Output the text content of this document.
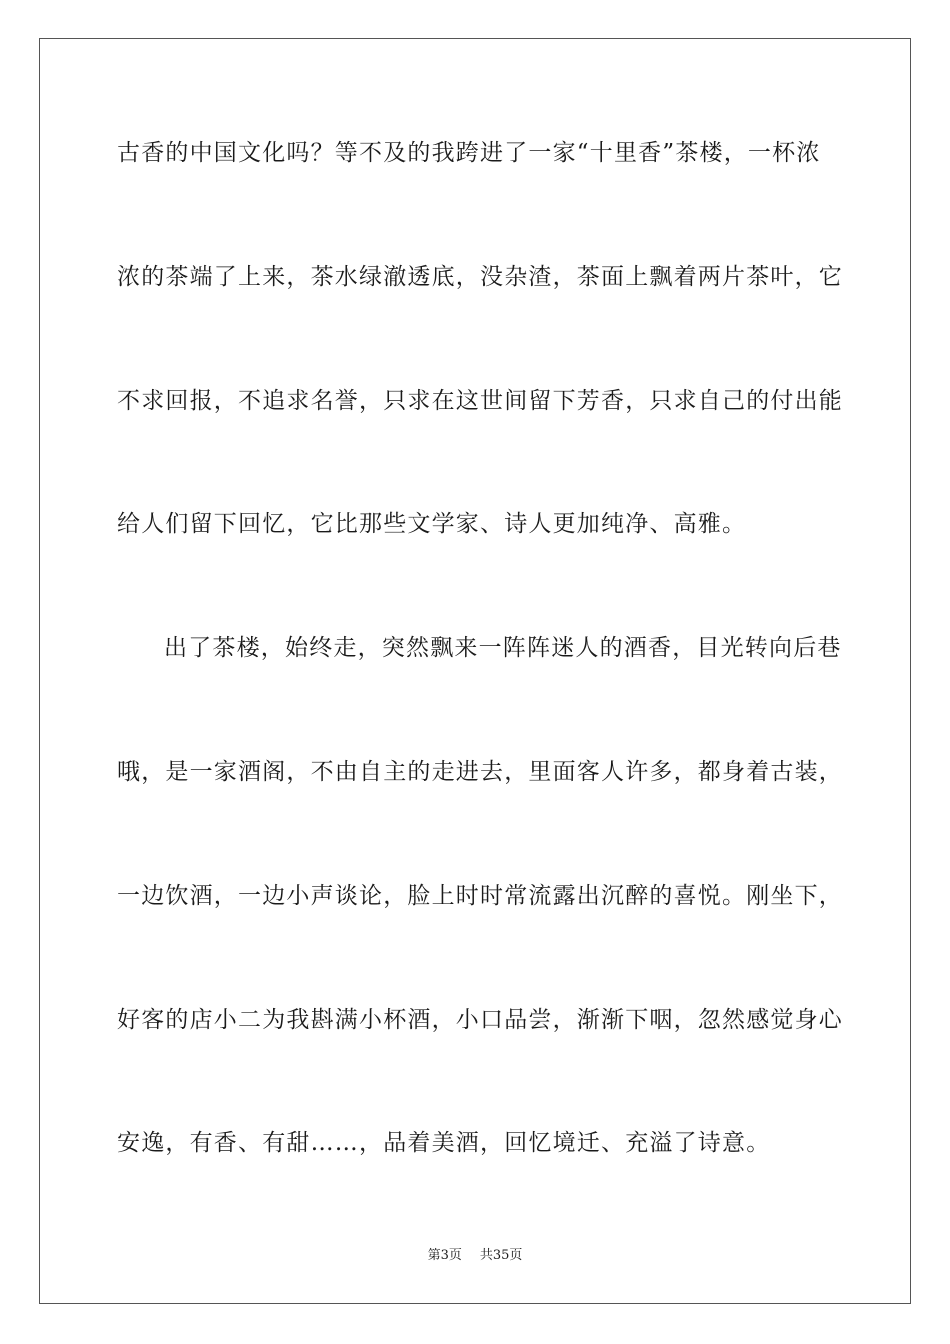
古香的中国文化吗？等不及的我跨进了一家“十里香”茶楼，一杯浓
浓的茶端了上来，茶水绿澈透底，没杂渣，茶面上飘着两片茶叶，它
不求回报，不追求名誉，只求在这世间留下芳香，只求自己的付出能
给人们留下回忆，它比那些文学家、诗人更加纯净、高雅。
出了茶楼，始终走，突然飘来一阵阵迷人的酒香，目光转向后巷
哦，是一家酒阁，不由自主的走进去，里面客人许多，都身着古装，
一边饮酒，一边小声谈论，脸上时时常流露出沉醉的喜悦。刚坐下，
好客的店小二为我斟满小杯酒，小口品尝，渐渐下咽，忽然感觉身心
安逸，有香、有甜……，品着美酒，回忆境迁、充溢了诗意。
第3页 共35页
